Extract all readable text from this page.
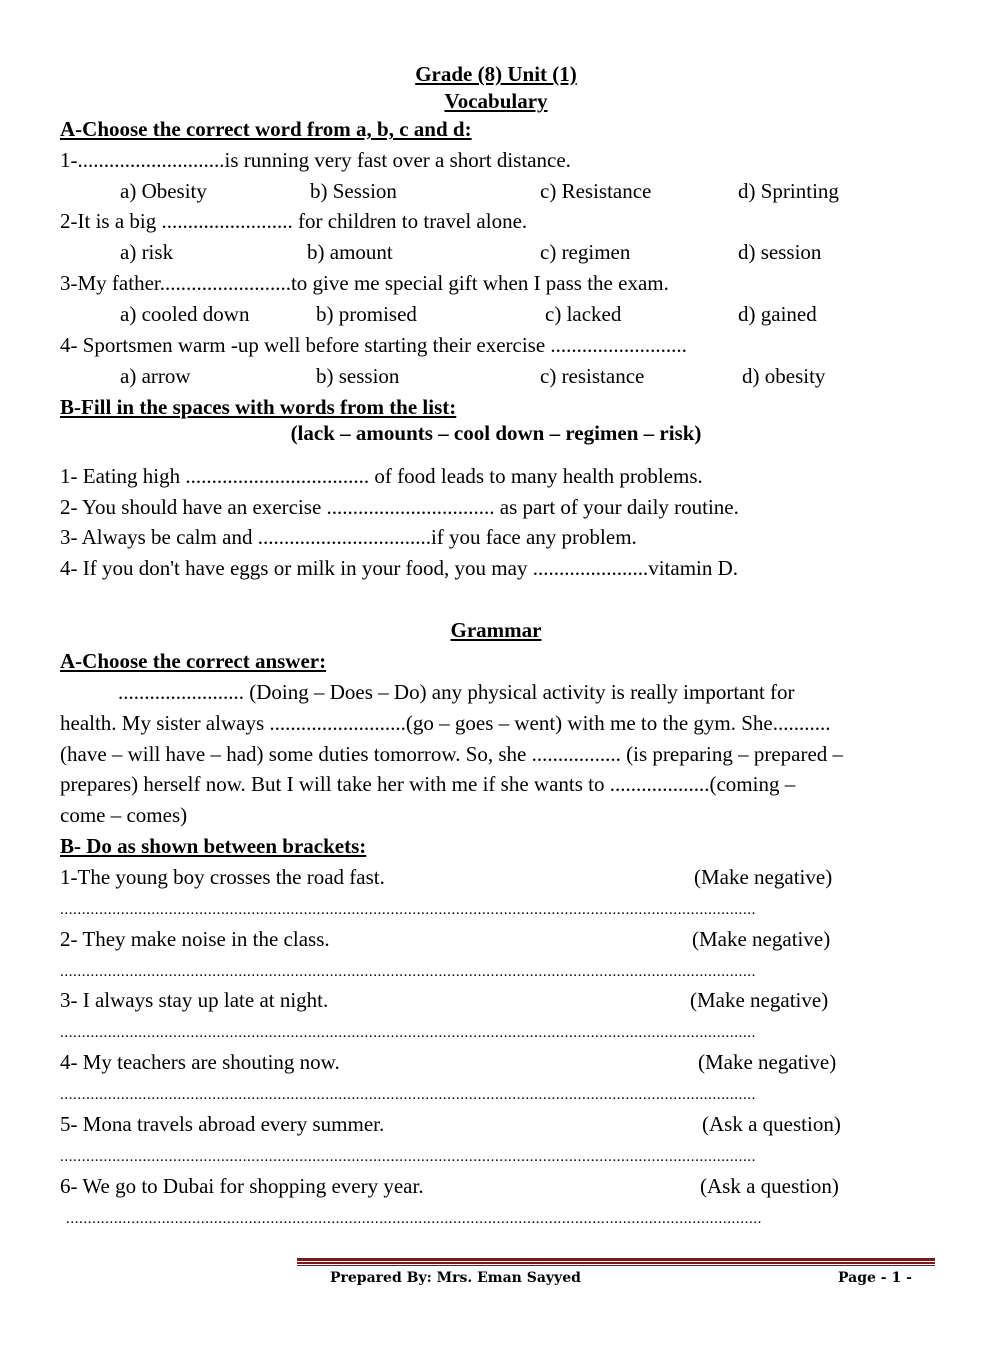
Grade (8) Unit (1)
Vocabulary
A-Choose the correct word from a, b, c and d:
1-............................is running very fast over a short distance.
a) Obesity	b) Session	c) Resistance	d) Sprinting
2-It is a big ......................... for children to travel alone.
a) risk	b) amount	c) regimen	d) session
3-My father.........................to give me special gift when I pass the exam.
a) cooled down	b) promised	c) lacked	d) gained
4- Sportsmen warm -up well before starting their exercise ..........................
a) arrow	b) session	c) resistance	d) obesity
B-Fill in the spaces with words from the list:
(lack – amounts – cool down – regimen – risk)
1- Eating high ................................... of food leads to many health problems.
2- You should have an exercise ................................ as part of your daily routine.
3- Always be calm and .................................if you face any problem.
4- If you don't have eggs or milk in your food, you may ......................vitamin D.
Grammar
A-Choose the correct answer:
........................ (Doing – Does – Do) any physical activity is really important for
health. My sister always ..........................(go – goes – went) with me to the gym. She...........
(have – will have – had) some duties tomorrow. So, she ................. (is preparing – prepared –
prepares) herself now. But I will take her with me if she wants to ...................(coming –
come – comes)
B- Do as shown between brackets:
1-The young boy crosses the road fast.	(Make negative)
................................................................................................................................................................
2- They make noise in the class.	(Make negative)
................................................................................................................................................................
3- I always stay up late at night.	(Make negative)
................................................................................................................................................................
4- My teachers are shouting now.	(Make negative)
................................................................................................................................................................
5- Mona travels abroad every summer.	(Ask a question)
................................................................................................................................................................
6- We go to Dubai for shopping every year.	(Ask a question)
................................................................................................................................................................
Prepared By: Mrs. Eman Sayyed	Page - 1 -
